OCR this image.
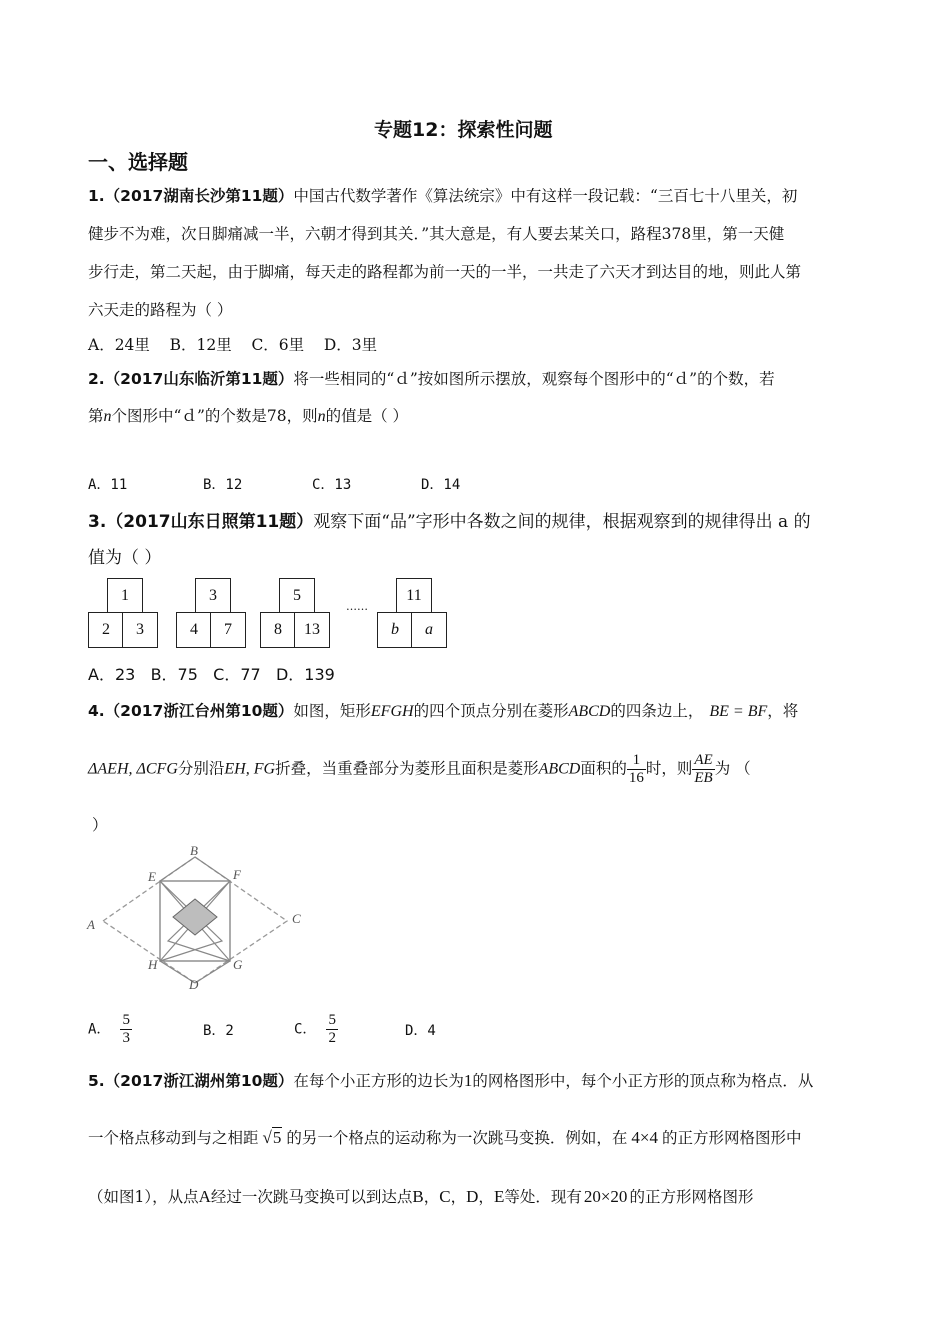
专题12：探索性问题
一、选择题
1.（2017湖南长沙第11题）中国古代数学著作《算法统宗》中有这样一段记载：“三百七十八里关，初
健步不为难，次日脚痛减一半，六朝才得到其关．”其大意是，有人要去某关口，路程378里，第一天健
步行走，第二天起，由于脚痛，每天走的路程都为前一天的一半，一共走了六天才到达目的地，则此人第
六天走的路程为（ ）
A．24里    B．12里    C．6里    D．3里
2.（2017山东临沂第11题）将一些相同的“ｄ”按如图所示摆放，观察每个图形中的“ｄ”的个数，若
第n个图形中“ｄ”的个数是78，则n的值是（ ）
A．11	B．12	C．13	D．14
3.（2017山东日照第11题）观察下面“品”字形中各数之间的规律，根据观察到的规律得出 a 的
值为（ ）
1
2	3
3
4	7
5
8	13
……
11
b	a
A．23   B．75   C．77   D．139
4.（2017浙江台州第10题）如图，矩形EFGH的四个顶点分别在菱形ABCD的四条边上， BE = BF，将
ΔAEH, ΔCFG分别沿EH, FG折叠，当重叠部分为菱形且面积是菱形ABCD面积的 $\frac{1}{16}$ 时，则 $\frac{AE}{EB}$ 为 （
）
B
E	F
A	C
H	G
D
A． $\frac{5}{3}$	B．2	C． $\frac{5}{2}$	D．4
5.（2017浙江湖州第10题）在每个小正方形的边长为1的网格图形中，每个小正方形的顶点称为格点．从
一个格点移动到与之相距 √5 的另一个格点的运动称为一次跳马变换．例如，在 4×4 的正方形网格图形中
（如图1），从点A经过一次跳马变换可以到达点B，C，D，E等处．现有 20×20 的正方形网格图形
